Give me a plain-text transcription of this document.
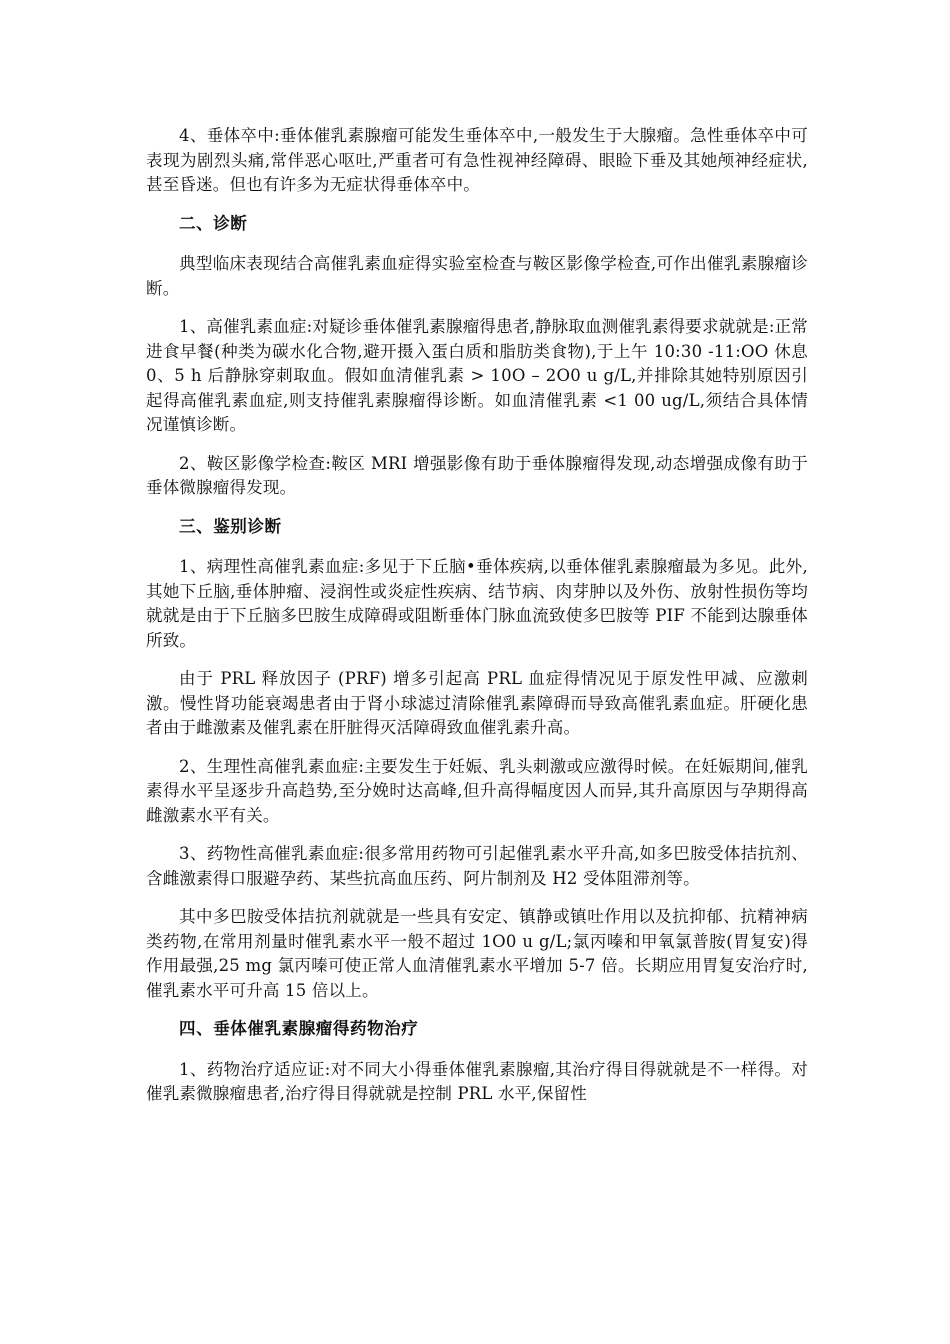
4、垂体卒中:垂体催乳素腺瘤可能发生垂体卒中,一般发生于大腺瘤。急性垂体卒中可表现为剧烈头痛,常伴恶心呕吐,严重者可有急性视神经障碍、眼睑下垂及其她颅神经症状,甚至昏迷。但也有许多为无症状得垂体卒中。

二、诊断

典型临床表现结合高催乳素血症得实验室检查与鞍区影像学检查,可作出催乳素腺瘤诊断。

1、高催乳素血症:对疑诊垂体催乳素腺瘤得患者,静脉取血测催乳素得要求就就是:正常进食早餐(种类为碳水化合物,避开摄入蛋白质和脂肪类食物),于上午 10:30 -11:OO 休息 0、5 h 后静脉穿刺取血。假如血清催乳素 > 10O – 2O0 u g/L,并排除其她特别原因引起得高催乳素血症,则支持催乳素腺瘤得诊断。如血清催乳素 <1 00 ug/L,须结合具体情况谨慎诊断。

2、鞍区影像学检查:鞍区 MRI 增强影像有助于垂体腺瘤得发现,动态增强成像有助于垂体微腺瘤得发现。

三、鉴别诊断

1、病理性高催乳素血症:多见于下丘脑•垂体疾病,以垂体催乳素腺瘤最为多见。此外,其她下丘脑,垂体肿瘤、浸润性或炎症性疾病、结节病、肉芽肿以及外伤、放射性损伤等均就就是由于下丘脑多巴胺生成障碍或阻断垂体门脉血流致使多巴胺等 PIF 不能到达腺垂体所致。

由于 PRL 释放因子 (PRF) 增多引起高 PRL 血症得情况见于原发性甲减、应激刺激。慢性肾功能衰竭患者由于肾小球滤过清除催乳素障碍而导致高催乳素血症。肝硬化患者由于雌激素及催乳素在肝脏得灭活障碍致血催乳素升高。

2、生理性高催乳素血症:主要发生于妊娠、乳头刺激或应激得时候。在妊娠期间,催乳素得水平呈逐步升高趋势,至分娩时达高峰,但升高得幅度因人而异,其升高原因与孕期得高雌激素水平有关。

3、药物性高催乳素血症:很多常用药物可引起催乳素水平升高,如多巴胺受体拮抗剂、含雌激素得口服避孕药、某些抗高血压药、阿片制剂及 H2 受体阻滞剂等。

其中多巴胺受体拮抗剂就就是一些具有安定、镇静或镇吐作用以及抗抑郁、抗精神病类药物,在常用剂量时催乳素水平一般不超过 1O0 u g/L;氯丙嗪和甲氧氯普胺(胃复安)得作用最强,25 mg 氯丙嗪可使正常人血清催乳素水平增加 5-7 倍。长期应用胃复安治疗时,催乳素水平可升高 15 倍以上。

四、垂体催乳素腺瘤得药物治疗

1、药物治疗适应证:对不同大小得垂体催乳素腺瘤,其治疗得目得就就是不一样得。对催乳素微腺瘤患者,治疗得目得就就是控制 PRL 水平,保留性
